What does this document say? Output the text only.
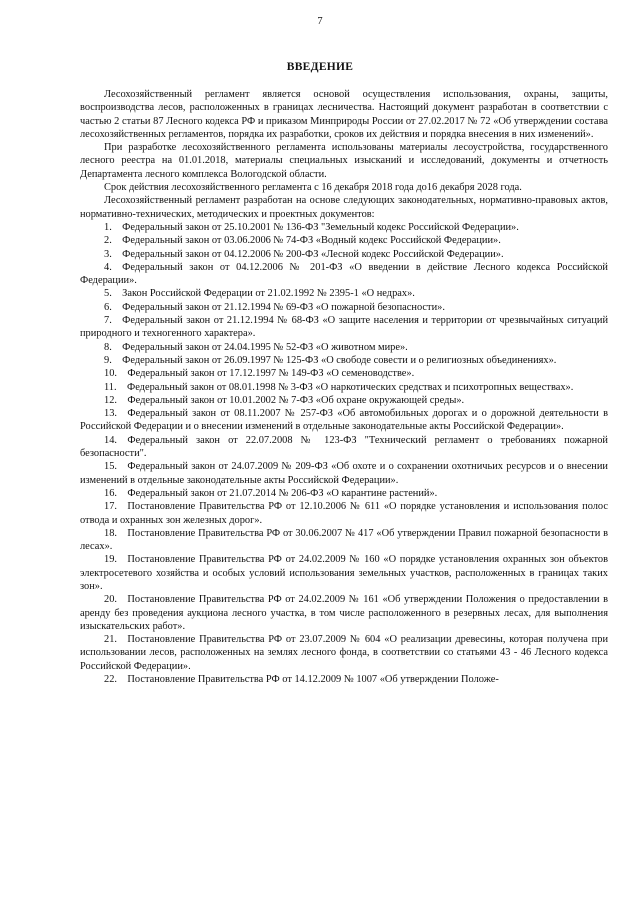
7
ВВЕДЕНИЕ

Лесохозяйственный регламент является основой осуществления использования, охраны, защиты, воспроизводства лесов, расположенных в границах лесничества. Настоящий документ разработан в соответствии с частью 2 статьи 87 Лесного кодекса РФ и приказом Минприроды России от 27.02.2017 № 72 «Об утверждении состава лесохозяйственных регламентов, порядка их разработки, сроков их действия и порядка внесения в них изменений».

При разработке лесохозяйственного регламента использованы материалы лесоустройства, государственного лесного реестра на 01.01.2018, материалы специальных изысканий и исследований, документы и отчетность Департамента лесного комплекса Вологодской области.

Срок действия лесохозяйственного регламента с 16 декабря 2018 года до16 декабря 2028 года.

Лесохозяйственный регламент разработан на основе следующих законодательных, нормативно-правовых актов, нормативно-технических, методических и проектных документов:

1. Федеральный закон от 25.10.2001 № 136-ФЗ "Земельный кодекс Российской Федерации».

2. Федеральный закон от 03.06.2006 № 74-ФЗ «Водный кодекс Российской Федерации».

3. Федеральный закон от 04.12.2006 № 200-ФЗ «Лесной кодекс Российской Федерации».

4. Федеральный закон от 04.12.2006 № 201-ФЗ «О введении в действие Лесного кодекса Российской Федерации».

5. Закон Российской Федерации от 21.02.1992 № 2395-1 «О недрах».

6. Федеральный закон от 21.12.1994 № 69-ФЗ «О пожарной безопасности».

7. Федеральный закон от 21.12.1994 № 68-ФЗ «О защите населения и территории от чрезвычайных ситуаций природного и техногенного характера».

8. Федеральный закон от 24.04.1995 № 52-ФЗ «О животном мире».

9. Федеральный закон от 26.09.1997 № 125-ФЗ «О свободе совести и о религиозных объединениях».

10. Федеральный закон от 17.12.1997 № 149-ФЗ «О семеноводстве».

11. Федеральный закон от 08.01.1998 № 3-ФЗ «О наркотических средствах и психотропных веществах».

12. Федеральный закон от 10.01.2002 № 7-ФЗ «Об охране окружающей среды».

13. Федеральный закон от 08.11.2007 № 257-ФЗ «Об автомобильных дорогах и о дорожной деятельности в Российской Федерации и о внесении изменений в отдельные законодательные акты Российской Федерации».

14. Федеральный закон от 22.07.2008 № 123-ФЗ "Технический регламент о требованиях пожарной безопасности".

15. Федеральный закон от 24.07.2009 № 209-ФЗ «Об охоте и о сохранении охотничьих ресурсов и о внесении изменений в отдельные законодательные акты Российской Федерации».

16. Федеральный закон от 21.07.2014 № 206-ФЗ «О карантине растений».

17. Постановление Правительства РФ от 12.10.2006 № 611 «О порядке установления и использования полос отвода и охранных зон железных дорог».

18. Постановление Правительства РФ от 30.06.2007 № 417 «Об утверждении Правил пожарной безопасности в лесах».

19. Постановление Правительства РФ от 24.02.2009 № 160 «О порядке установления охранных зон объектов электросетевого хозяйства и особых условий использования земельных участков, расположенных в границах таких зон».

20. Постановление Правительства РФ от 24.02.2009 № 161 «Об утверждении Положения о предоставлении в аренду без проведения аукциона лесного участка, в том числе расположенного в резервных лесах, для выполнения изыскательских работ».

21. Постановление Правительства РФ от 23.07.2009 № 604 «О реализации древесины, которая получена при использовании лесов, расположенных на землях лесного фонда, в соответствии со статьями 43 - 46 Лесного кодекса Российской Федерации».

22. Постановление Правительства РФ от 14.12.2009 № 1007 «Об утверждении Положе-
